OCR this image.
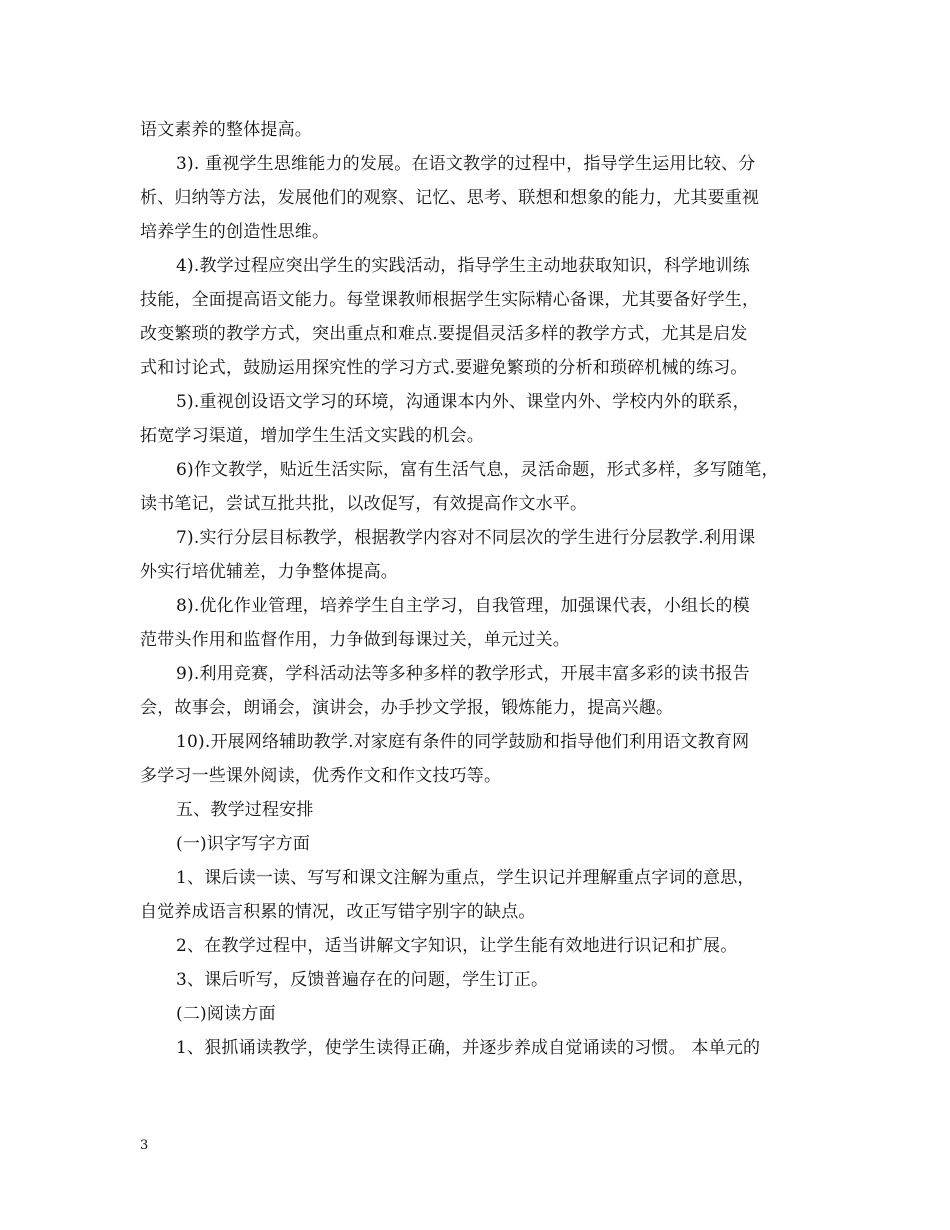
语文素养的整体提高。
3). 重视学生思维能力的发展。在语文教学的过程中，指导学生运用比较、分
析、归纳等方法，发展他们的观察、记忆、思考、联想和想象的能力，尤其要重视
培养学生的创造性思维。
4).教学过程应突出学生的实践活动，指导学生主动地获取知识，科学地训练
技能，全面提高语文能力。每堂课教师根据学生实际精心备课，尤其要备好学生，
改变繁琐的教学方式，突出重点和难点.要提倡灵活多样的教学方式，尤其是启发
式和讨论式，鼓励运用探究性的学习方式.要避免繁琐的分析和琐碎机械的练习。
5).重视创设语文学习的环境，沟通课本内外、课堂内外、学校内外的联系，
拓宽学习渠道，增加学生生活文实践的机会。
6)作文教学，贴近生活实际，富有生活气息，灵活命题，形式多样，多写随笔，
读书笔记，尝试互批共批，以改促写，有效提高作文水平。
7).实行分层目标教学，根据教学内容对不同层次的学生进行分层教学.利用课
外实行培优辅差，力争整体提高。
8).优化作业管理，培养学生自主学习，自我管理，加强课代表，小组长的模
范带头作用和监督作用，力争做到每课过关，单元过关。
9).利用竞赛，学科活动法等多种多样的教学形式，开展丰富多彩的读书报告
会，故事会，朗诵会，演讲会，办手抄文学报，锻炼能力，提高兴趣。
10).开展网络辅助教学.对家庭有条件的同学鼓励和指导他们利用语文教育网
多学习一些课外阅读，优秀作文和作文技巧等。
五、教学过程安排
(一)识字写字方面
1、课后读一读、写写和课文注解为重点，学生识记并理解重点字词的意思，
自觉养成语言积累的情况，改正写错字别字的缺点。
2、在教学过程中，适当讲解文字知识，让学生能有效地进行识记和扩展。
3、课后听写，反馈普遍存在的问题，学生订正。
(二)阅读方面
1、狠抓诵读教学，使学生读得正确，并逐步养成自觉诵读的习惯。 本单元的
3
